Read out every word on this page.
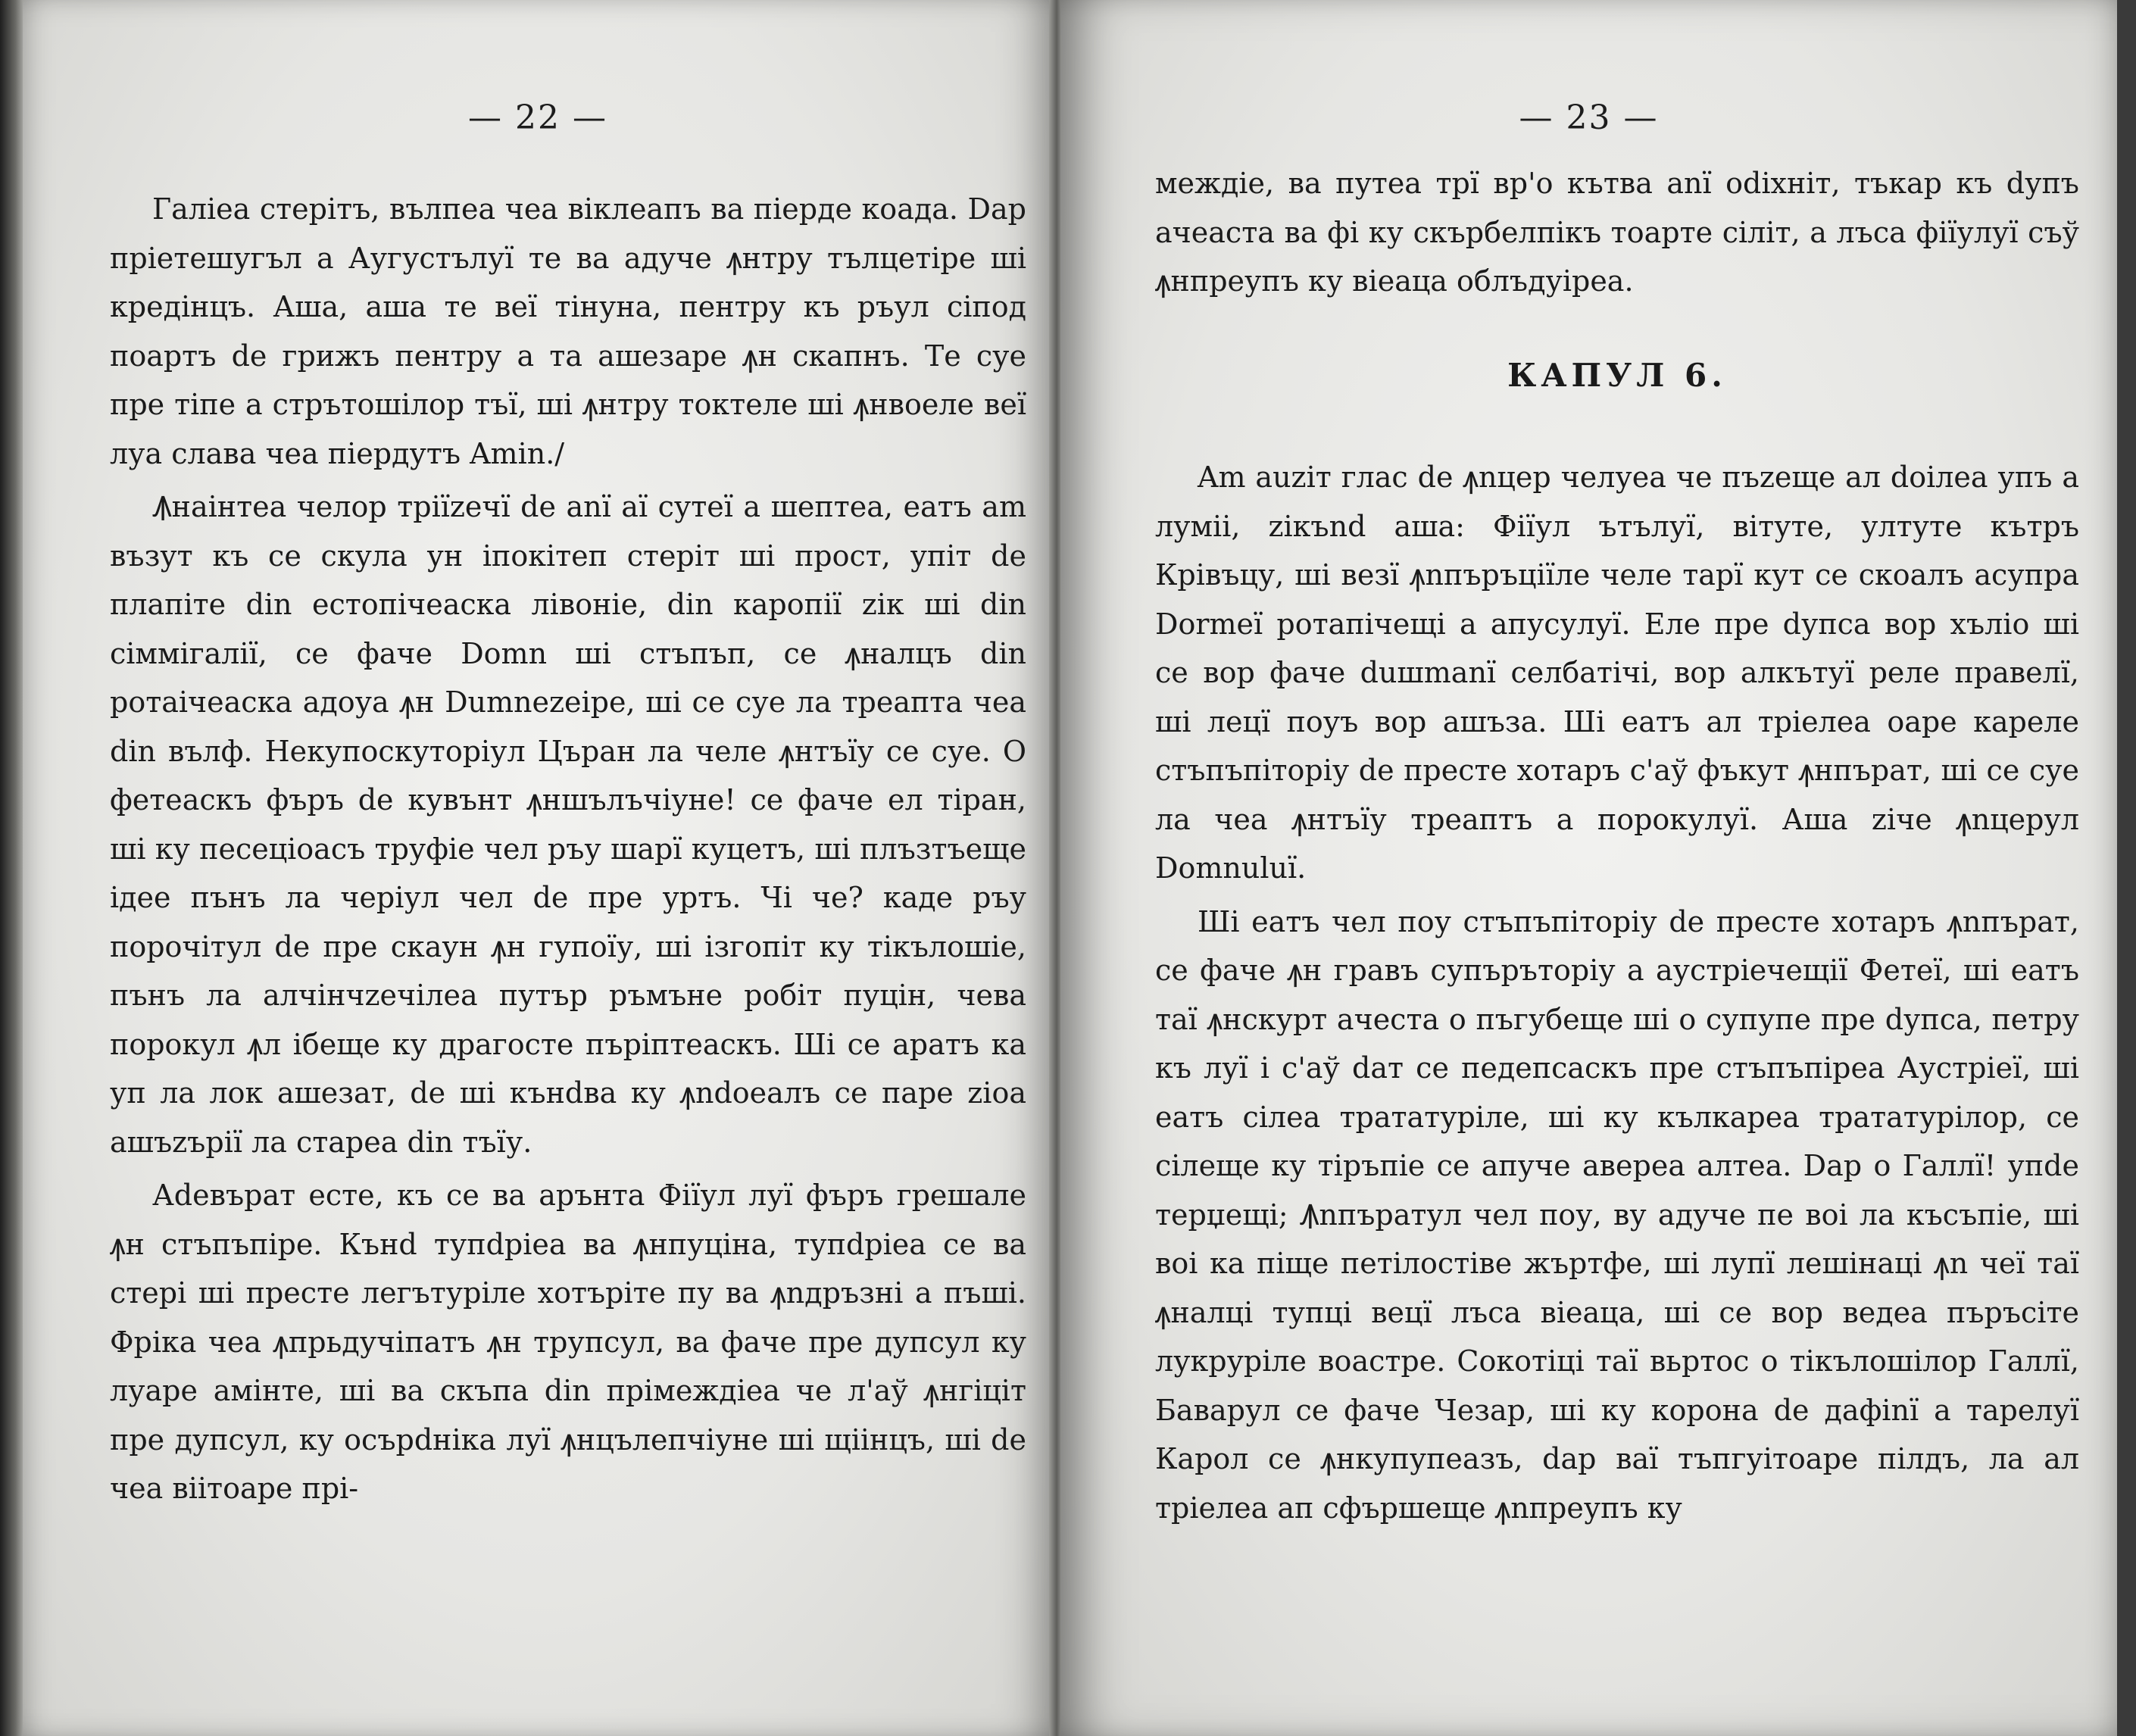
— 22 —

Галіеа стерітъ, вълпеа чеа віклеапъ ва піерде коада. Dар пріетешугъл а Аугустълуї те ва адуче ꙟнтру тълцетіре ші кредінцъ. Аша, аша те веї тінуна, пентру къ ръул сіпод поартъ de грижъ пентру а та ашезаре ꙟн скапнъ. Те суе пре тіпе а стрътошілор тъї, ші ꙟнтру токтеле ші ꙟнвоеле веї луа слава чеа піердутъ Amin./

Ꙟнаінтеа челор тріїzечї de anї аї сутеї а шептеа, еатъ am възут къ се скула ун іпокітеп стеріт ші прост, упіт de плапіте din естопічеаска лівоніе, din каропії zік ші din сіммігалії, се фаче Domn ші стъпъп, се ꙟналцъ din ротаічеаска адоуа ꙟн Dumnezeіре, ші се суе ла треапта чеа din вълф. Некупоскуторіул Църан ла челе ꙟнтъїу се суе. О фетеаскъ фъръ de кувънт ꙟншълъчіуне! се фаче ел тіран, ші ку песеціоасъ труфіе чел ръу шарї куцетъ, ші плъзтъеще ідее пънъ ла черіул чел de пре уртъ. Чі че? каде ръу порочітул de пре скаун ꙟн гупоїу, ші ізгопіт ку тікълошіе, пънъ ла алчінчzечілеа путър ръмъне робіт пуцін, чева порокул ꙟл ібеще ку драгосте пъріптеаскъ. Ші се аратъ ка уп ла лок ашезат, de ші кънdва ку ꙟndоеалъ се паре zіоа ашъzърії ла стареа din тъїу.

Аdевърат есте, къ се ва арънта Фіїул луї фъръ грешале ꙟн стъпъпіре. Кънd тупdріеа ва ꙟнпуціна, тупdріеа се ва стері ші престе легътуріле хотъріте пу ва ꙟnдръзні а пъші. Фріка чеа ꙟпрьдучіпатъ ꙟн трупсул, ва фаче пре дупсул ку луаре амінте, ші ва скъпа din прімеждіеа че л'аў ꙟнгіціт пре дупсул, ку осърdніка луї ꙟнцълепчіуне ші щіінцъ, ші de чеа віітоаре прі-

— 23 —

междіе, ва путеа трї вр'о кътва anї оdіхніт, тъкар къ dупъ ачеаста ва фі ку скърбелпікъ тоарте сіліт, а лъса фіїулуї съў ꙟнпреупъ ку віеаца облъдуіреа.

КАПУЛ 6.

Am аuzіт глас de ꙟnцер челуеа че пъzеще ал doiлеа упъ а луміі, zікъnd аша: Фіїул ътълуї, вітуте, ултуте кътръ Крівъцу, ші везї ꙟnпъръціїле челе тарї кут се скоалъ асупра Dormeї ротапічещі а апусулуї. Еле пре dупса вор хъліо ші се вор фаче duшmanї селбатічі, вор алкътуї реле правелї, ші лецї поуъ вор ашъза. Ші еатъ ал тріелеа оаре кареле стъпъпіторіу de престе хотаръ с'аў фъкут ꙟнпърат, ші се суе ла чеа ꙟнтъїу треаптъ а порокулуї. Аша zіче ꙟnцерул Domnuluї.

Ші еатъ чел поу стъпъпіторіу de престе хотаръ ꙟnпърат, се фаче ꙟн гравъ супъръторіу а аустріечещії Фетеї, ші еатъ таї ꙟнскурт ачеста о пъгубеще ші о супупе пре dупса, петру къ луї і с'аў dат се педепсаскъ пре стъпъпіреа Аустріеї, ші еатъ сілеа трататуріле, ші ку кълкареа трататурілор, се сілеще ку тіръпіе се апуче авереа алтеа. Dар о Галлї! упdе терџещі; Ꙟnпъратул чел поу, ву адуче пе воі ла късъпіе, ші воі ка піще петілостіве жъртфе, ші лупї лешінаці ꙟn чеї таї ꙟналці тупці вецї лъса віеаца, ші се вор ведеа пъръсіте лукруріле воастре. Сокотіці таї вьртос о тікълошілор Галлї, Баварул се фаче Чезар, ші ку корона de дафіnї а тарелуї Карол се ꙟнкупупеазъ, dар вaї тъпгуітоаре пілдъ, ла ал тріелеа ап сфършеще ꙟnпреупъ ку
